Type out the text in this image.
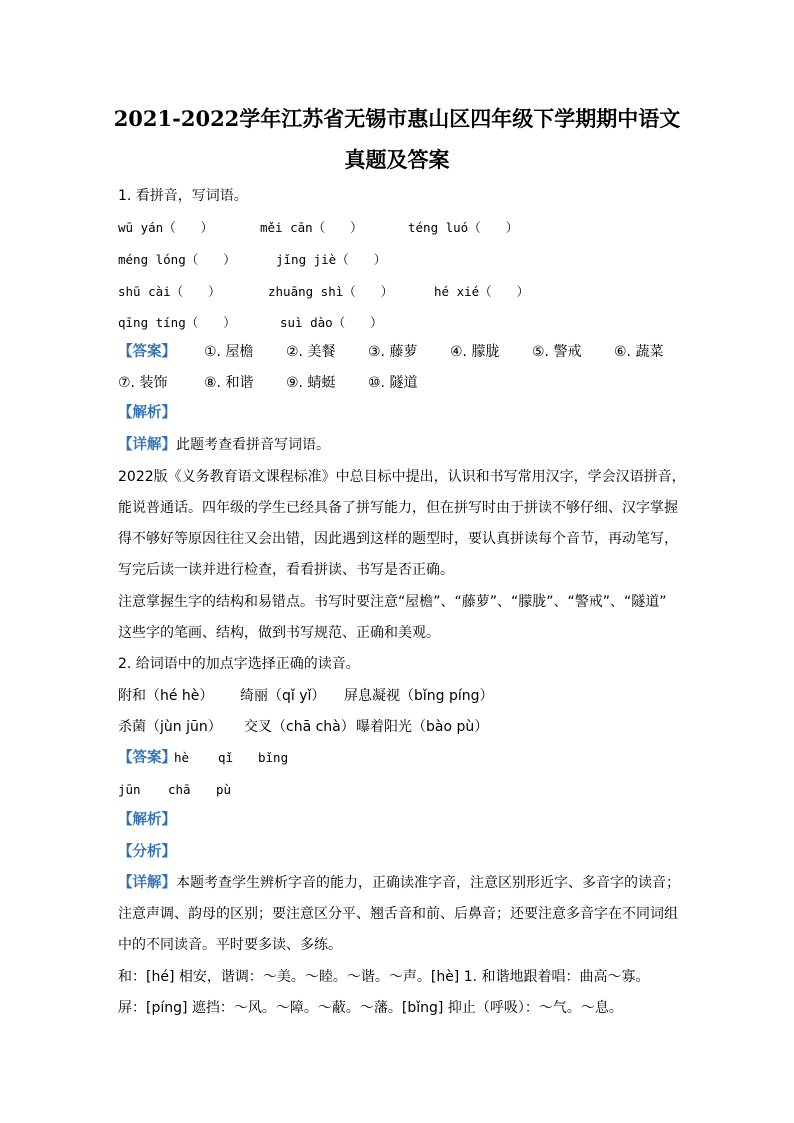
2021-2022学年江苏省无锡市惠山区四年级下学期期中语文
真题及答案
1. 看拼音，写词语。
wū yán（　　）	měi cān（　　）	téng luó（　　）
méng lóng（　　）	jǐng jiè（　　）
shū cài（　　）	zhuāng shì（　　）	hé xié（　　）
qīng tíng（　　）	suì dào（　　）
【答案】 ①. 屋檐 ②. 美餐 ③. 藤萝 ④. 朦胧 ⑤. 警戒 ⑥. 蔬菜
⑦. 装饰	⑧. 和谐 ⑨. 蜻蜓 ⑩. 隧道
【解析】
【详解】此题考查看拼音写词语。
2022版《义务教育语文课程标准》中总目标中提出，认识和书写常用汉字，学会汉语拼音，
能说普通话。四年级的学生已经具备了拼写能力，但在拼写时由于拼读不够仔细、汉字掌握
得不够好等原因往往又会出错，因此遇到这样的题型时，要认真拼读每个音节，再动笔写，
写完后读一读并进行检查，看看拼读、书写是否正确。
注意掌握生字的结构和易错点。书写时要注意“屋檐”、“藤萝”、“朦胧”、“警戒”、“隧道”
这些字的笔画、结构，做到书写规范、正确和美观。
2. 给词语中的加点字选择正确的读音。
附和（hé hè） 绮丽（qǐ yǐ） 屏息凝视（bǐng píng）
杀菌（jùn jūn） 交叉（chā chà） 曝着阳光（bào pù）
【答案】
hè qǐ bǐng
jūn chā pù
【解析】
【分析】
【详解】本题考查学生辨析字音的能力，正确读准字音，注意区别形近字、多音字的读音；
注意声调、韵母的区别；要注意区分平、翘舌音和前、后鼻音；还要注意多音字在不同词组
中的不同读音。平时要多读、多练。
和：[hé] 相安，谐调：～美。～睦。～谐。～声。[hè] 1. 和谐地跟着唱：曲高～寡。
屏：[píng] 遮挡：～风。～障。～蔽。～藩。[bǐng] 抑止（呼吸）：～气。～息。
